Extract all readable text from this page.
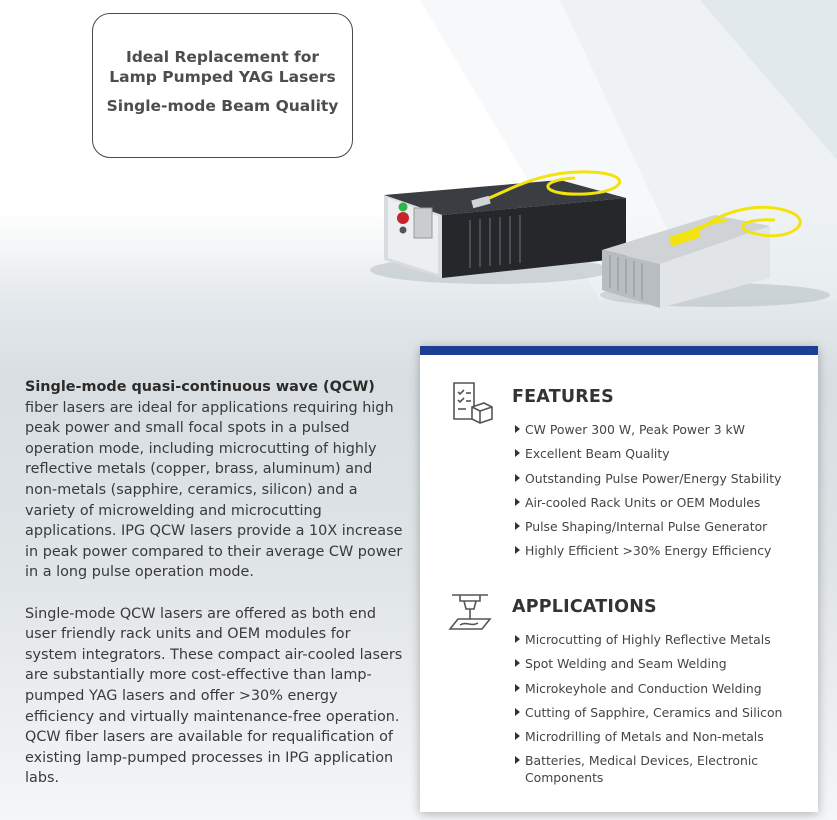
Ideal Replacement for
Lamp Pumped YAG Lasers
Single-mode Beam Quality

Single-mode quasi-continuous wave (QCW) fiber lasers are ideal for applications requiring high peak power and small focal spots in a pulsed operation mode, including microcutting of highly reflective metals (copper, brass, aluminum) and non-metals (sapphire, ceramics, silicon) and a variety of microwelding and microcutting applications. IPG QCW lasers provide a 10X increase in peak power compared to their average CW power in a long pulse operation mode.

Single-mode QCW lasers are offered as both end user friendly rack units and OEM modules for system integrators. These compact air-cooled lasers are substantially more cost-effective than lamp-pumped YAG lasers and offer >30% energy efficiency and virtually maintenance-free operation. QCW fiber lasers are available for requalification of existing lamp-pumped processes in IPG application labs.

FEATURES
CW Power 300 W, Peak Power 3 kW
Excellent Beam Quality
Outstanding Pulse Power/Energy Stability
Air-cooled Rack Units or OEM Modules
Pulse Shaping/Internal Pulse Generator
Highly Efficient >30% Energy Efficiency
APPLICATIONS
Microcutting of Highly Reflective Metals
Spot Welding and Seam Welding
Microkeyhole and Conduction Welding
Cutting of Sapphire, Ceramics and Silicon
Microdrilling of Metals and Non-metals
Batteries, Medical Devices, Electronic Components
